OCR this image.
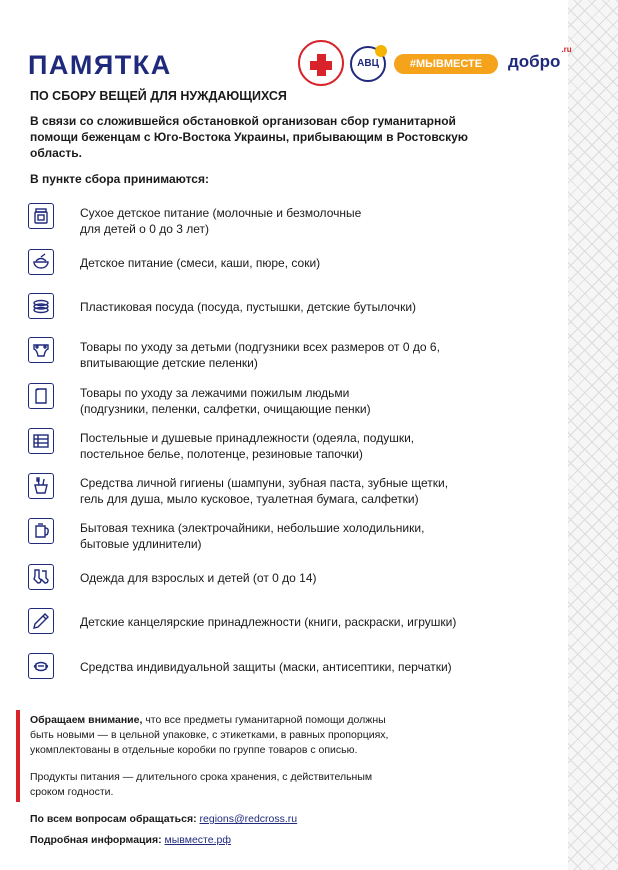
ПАМЯТКА
ПО СБОРУ ВЕЩЕЙ ДЛЯ НУЖДАЮЩИХСЯ
АВЦ	#МЫВМЕСТЕ	добро$^{.ru}$
В связи со сложившейся обстановкой организован сбор гуманитарной помощи беженцам с Юго-Востока Украины, прибывающим в Ростовскую область.
В пункте сбора принимаются:
Сухое детское питание (молочные и безмолочные
для детей о 0 до 3 лет)
Детское питание (смеси, каши, пюре, соки)
Пластиковая посуда (посуда, пустышки, детские бутылочки)
Товары по уходу за детьми (подгузники всех размеров от 0 до 6,
впитывающие детские пеленки)
Товары по уходу за лежачими пожилым людьми
(подгузники, пеленки, салфетки, очищающие пенки)
Постельные и душевые принадлежности (одеяла, подушки,
постельное белье, полотенце, резиновые тапочки)
Средства личной гигиены (шампуни, зубная паста, зубные щетки,
гель для душа, мыло кусковое, туалетная бумага, салфетки)
Бытовая техника (электрочайники, небольшие холодильники,
бытовые удлинители)
Одежда для взрослых и детей (от 0 до 14)
Детские канцелярские принадлежности (книги, раскраски, игрушки)
Средства индивидуальной защиты (маски, антисептики, перчатки)
Обращаем внимание, что все предметы гуманитарной помощи должны
быть новыми — в цельной упаковке, с этикетками, в равных пропорциях,
укомплектованы в отдельные коробки по группе товаров с описью.
Продукты питания — длительного срока хранения, с действительным
сроком годности.
По всем вопросам обращаться: regions@redcross.ru
Подробная информация: мывместе.рф
